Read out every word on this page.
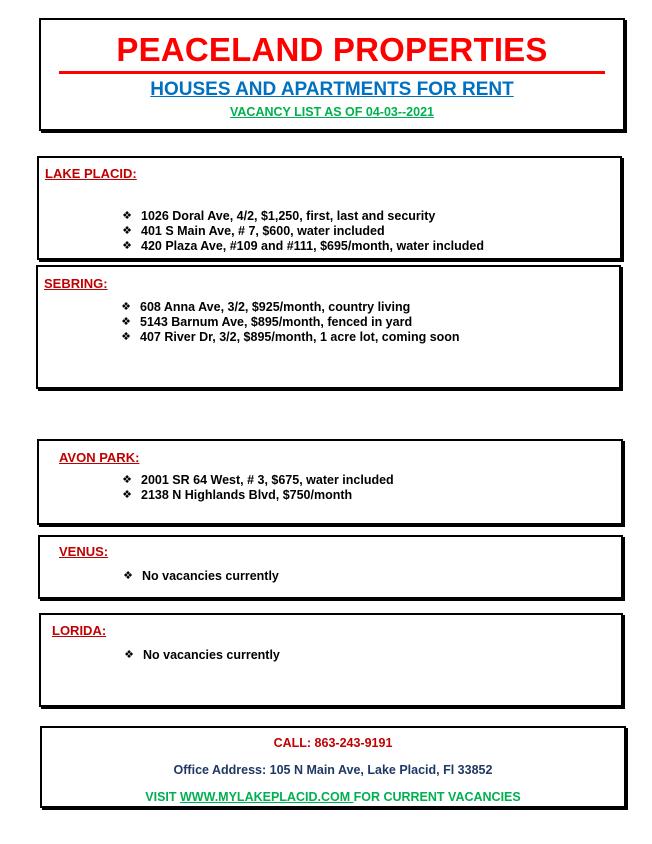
PEACELAND PROPERTIES
HOUSES AND APARTMENTS FOR RENT
VACANCY LIST AS OF 04-03--2021
LAKE PLACID:
❖ 1026 Doral Ave, 4/2, $1,250, first, last and security
❖ 401 S Main Ave, # 7, $600, water included
❖ 420 Plaza Ave, #109 and #111, $695/month, water included
SEBRING:
❖ 608 Anna Ave, 3/2, $925/month, country living
❖ 5143 Barnum Ave, $895/month, fenced in yard
❖ 407 River Dr, 3/2, $895/month, 1 acre lot, coming soon
AVON PARK:
❖ 2001 SR 64 West, # 3, $675, water included
❖ 2138 N Highlands Blvd, $750/month
VENUS:
❖ No vacancies currently
LORIDA:
❖ No vacancies currently
CALL: 863-243-9191
Office Address: 105 N Main Ave, Lake Placid, Fl 33852
VISIT WWW.MYLAKEPLACID.COM FOR CURRENT VACANCIES
